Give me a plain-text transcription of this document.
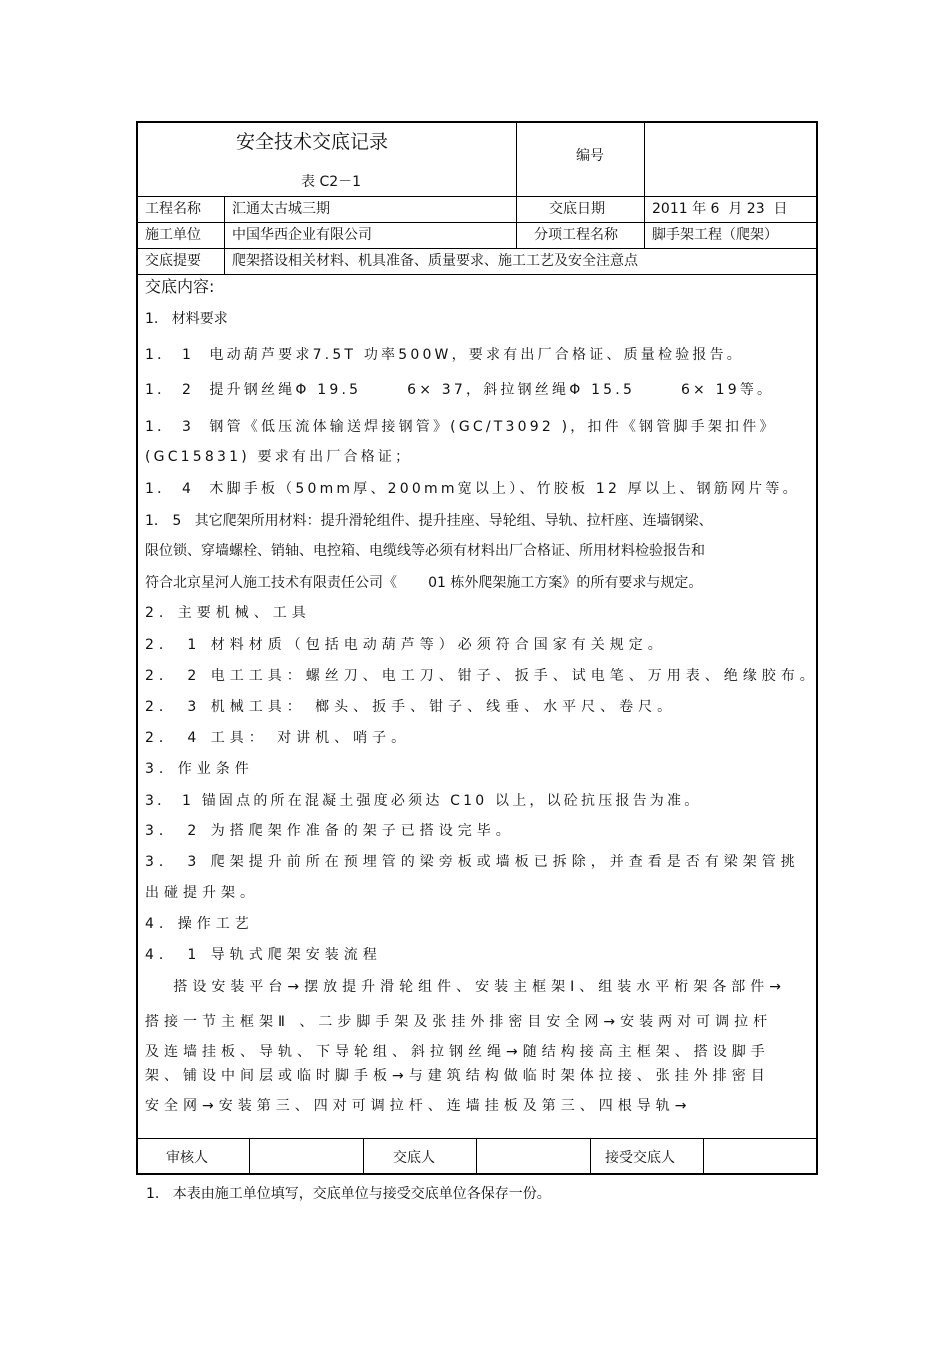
安全技术交底记录
表 C2－1
编号
工程名称 汇通太古城三期	交底日期	2011 年 6  月 23  日
施工单位 中国华西企业有限公司	分项工程名称 脚手架工程（爬架）
交底提要 爬架搭设相关材料、机具准备、质量要求、施工工艺及安全注意点
交底内容:
1.   材料要求
1． 1  电动葫芦要求7.5T 功率500W，要求有出厂合格证、质量检验报告。
1． 2  提升钢丝绳Φ 19.5      6× 37，斜拉钢丝绳Φ 15.5      6× 19等。
1． 3  钢管《低压流体输送焊接钢管》(GC/T3092 )，扣件《钢管脚手架扣件》
(GC15831) 要求有出厂合格证；
1． 4  木脚手板（50mm厚、200mm宽以上）、竹胶板 12 厚以上、钢筋网片等。
1． 5   其它爬架所用材料：提升滑轮组件、提升挂座、导轮组、导轨、拉杆座、连墙钢梁、
限位锁、穿墙螺栓、销轴、电控箱、电缆线等必须有材料出厂合格证、所用材料检验报告和
符合北京星河人施工技术有限责任公司《       01 栋外爬架施工方案》的所有要求与规定。
2. 主要机械、工具
2． 1 材料材质（包括电动葫芦等）必须符合国家有关规定。
2． 2 电工工具：螺丝刀、电工刀、钳子、扳手、试电笔、万用表、绝缘胶布。
2． 3 机械工具： 榔头、扳手、钳子、线垂、水平尺、卷尺。
2． 4 工具： 对讲机、哨子。
3. 作业条件
3． 1 锚固点的所在混凝土强度必须达 C10 以上，以砼抗压报告为准。
3． 2 为搭爬架作准备的架子已搭设完毕。
3． 3 爬架提升前所在预埋管的梁旁板或墙板已拆除，并查看是否有梁架管挑
出碰提升架。
4. 操作工艺
4． 1 导轨式爬架安装流程
搭设安装平台→摆放提升滑轮组件、安装主框架Ⅰ、组装水平桁架各部件→
搭接一节主框架Ⅱ 、二步脚手架及张挂外排密目安全网→安装两对可调拉杆
及连墙挂板、导轨、下导轮组、斜拉钢丝绳→随结构接高主框架、搭设脚手
架、铺设中间层或临时脚手板→与建筑结构做临时架体拉接、张挂外排密目
安全网→安装第三、四对可调拉杆、连墙挂板及第三、四根导轨→
审核人	交底人	接受交底人
1.   本表由施工单位填写，交底单位与接受交底单位各保存一份。
